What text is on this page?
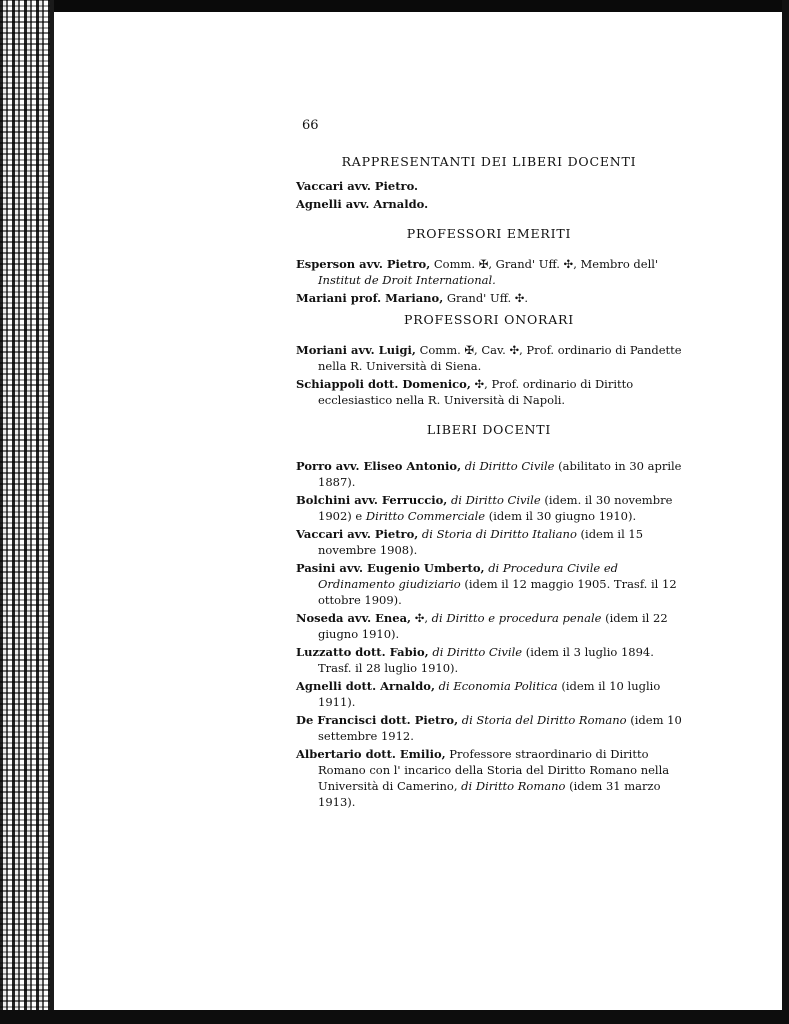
66
RAPPRESENTANTI DEI LIBERI DOCENTI
Vaccari avv. Pietro.
Agnelli avv. Arnaldo.
PROFESSORI EMERITI
Esperson avv. Pietro, Comm. ✠, Grand' Uff. ✣, Membro dell' Institut de Droit International.
Mariani prof. Mariano, Grand' Uff. ✣.
PROFESSORI ONORARI
Moriani avv. Luigi, Comm. ✠, Cav. ✣, Prof. ordinario di Pandette nella R. Università di Siena.
Schiappoli dott. Domenico, ✣, Prof. ordinario di Diritto ecclesiastico nella R. Università di Napoli.
LIBERI DOCENTI
Porro avv. Eliseo Antonio, di Diritto Civile (abilitato in 30 aprile 1887).
Bolchini avv. Ferruccio, di Diritto Civile (idem. il 30 novembre 1902) e Diritto Commerciale (idem il 30 giugno 1910).
Vaccari avv. Pietro, di Storia di Diritto Italiano (idem il 15 novembre 1908).
Pasini avv. Eugenio Umberto, di Procedura Civile ed Ordinamento giudiziario (idem il 12 maggio 1905. Trasf. il 12 ottobre 1909).
Noseda avv. Enea, ✣, di Diritto e procedura penale (idem il 22 giugno 1910).
Luzzatto dott. Fabio, di Diritto Civile (idem il 3 luglio 1894. Trasf. il 28 luglio 1910).
Agnelli dott. Arnaldo, di Economia Politica (idem il 10 luglio 1911).
De Francisci dott. Pietro, di Storia del Diritto Romano (idem 10 settembre 1912.
Albertario dott. Emilio, Professore straordinario di Diritto Romano con l' incarico della Storia del Diritto Romano nella Università di Camerino, di Diritto Romano (idem 31 marzo 1913).
